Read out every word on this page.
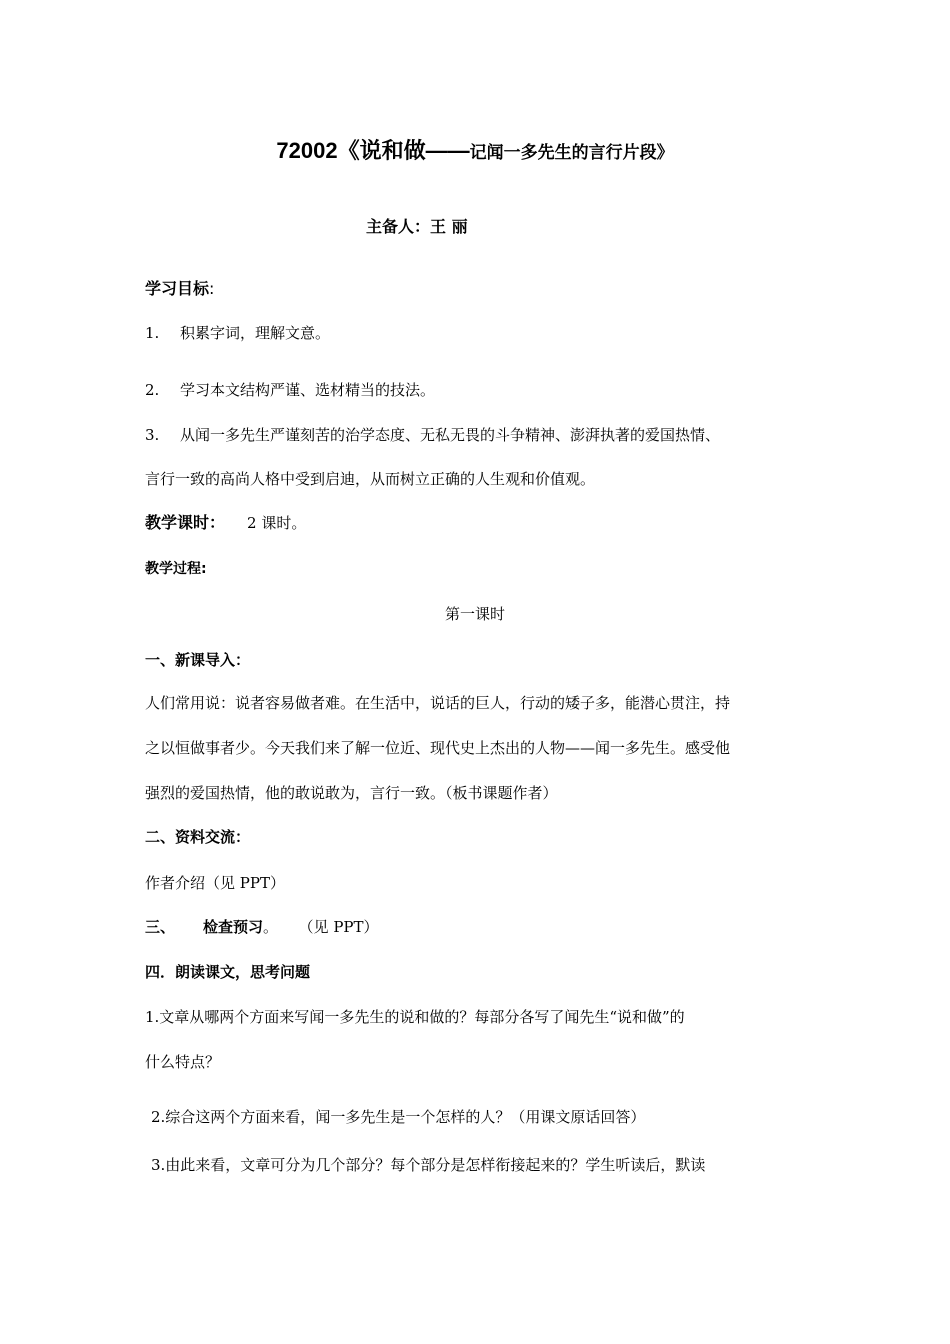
72002《说和做——记闻一多先生的言行片段》
主备人：王 丽
学习目标:
1. 积累字词，理解文意。
2. 学习本文结构严谨、选材精当的技法。
3. 从闻一多先生严谨刻苦的治学态度、无私无畏的斗争精神、澎湃执著的爱国热情、
言行一致的高尚人格中受到启迪，从而树立正确的人生观和价值观。
教学课时： 2 课时。
教学过程:
第一课时
一、新课导入：
人们常用说：说者容易做者难。在生活中，说话的巨人，行动的矮子多，能潜心贯注，持
之以恒做事者少。今天我们来了解一位近、现代史上杰出的人物——闻一多先生。感受他
强烈的爱国热情，他的敢说敢为，言行一致。（板书课题作者）
二、资料交流：
作者介绍（见 PPT）
三、 检查预习。 （见 PPT）
四．朗读课文，思考问题
1.文章从哪两个方面来写闻一多先生的说和做的？每部分各写了闻先生“说和做”的
什么特点？
2.综合这两个方面来看，闻一多先生是一个怎样的人？（用课文原话回答）
3.由此来看，文章可分为几个部分？每个部分是怎样衔接起来的？学生听读后，默读
